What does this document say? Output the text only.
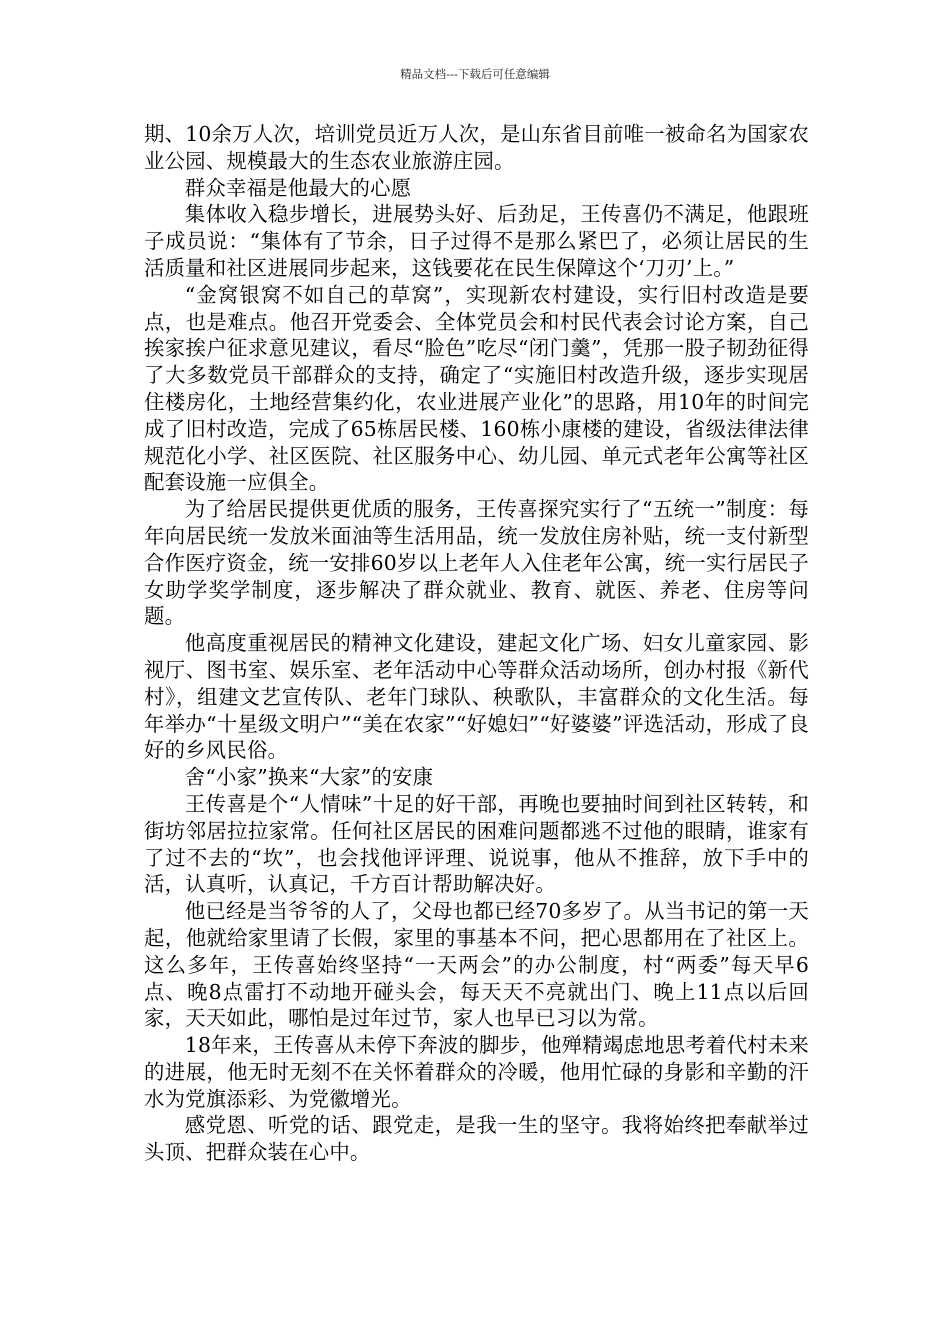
精品文档---下载后可任意编辑

期、10余万人次，培训党员近万人次，是山东省目前唯一被命名为国家农业公园、规模最大的生态农业旅游庄园。

群众幸福是他最大的心愿

集体收入稳步增长，进展势头好、后劲足，王传喜仍不满足，他跟班子成员说：“集体有了节余，日子过得不是那么紧巴了，必须让居民的生活质量和社区进展同步起来，这钱要花在民生保障这个‘刀刃’上。”

“金窝银窝不如自己的草窝”，实现新农村建设，实行旧村改造是要点，也是难点。他召开党委会、全体党员会和村民代表会讨论方案，自己挨家挨户征求意见建议，看尽“脸色”吃尽“闭门羹”，凭那一股子韧劲征得了大多数党员干部群众的支持，确定了“实施旧村改造升级，逐步实现居住楼房化，土地经营集约化，农业进展产业化”的思路，用10年的时间完成了旧村改造，完成了65栋居民楼、160栋小康楼的建设，省级法律法律规范化小学、社区医院、社区服务中心、幼儿园、单元式老年公寓等社区配套设施一应俱全。

为了给居民提供更优质的服务，王传喜探究实行了“五统一”制度：每年向居民统一发放米面油等生活用品，统一发放住房补贴，统一支付新型合作医疗资金，统一安排60岁以上老年人入住老年公寓，统一实行居民子女助学奖学制度，逐步解决了群众就业、教育、就医、养老、住房等问题。

他高度重视居民的精神文化建设，建起文化广场、妇女儿童家园、影视厅、图书室、娱乐室、老年活动中心等群众活动场所，创办村报《新代村》，组建文艺宣传队、老年门球队、秧歌队，丰富群众的文化生活。每年举办“十星级文明户”“美在农家”“好媳妇”“好婆婆”评选活动，形成了良好的乡风民俗。

舍“小家”换来“大家”的安康

王传喜是个“人情味”十足的好干部，再晚也要抽时间到社区转转，和街坊邻居拉拉家常。任何社区居民的困难问题都逃不过他的眼睛，谁家有了过不去的“坎”，也会找他评评理、说说事，他从不推辞，放下手中的活，认真听，认真记，千方百计帮助解决好。

他已经是当爷爷的人了，父母也都已经70多岁了。从当书记的第一天起，他就给家里请了长假，家里的事基本不问，把心思都用在了社区上。这么多年，王传喜始终坚持“一天两会”的办公制度，村“两委”每天早6点、晚8点雷打不动地开碰头会，每天天不亮就出门、晚上11点以后回家，天天如此，哪怕是过年过节，家人也早已习以为常。

18年来，王传喜从未停下奔波的脚步，他殚精竭虑地思考着代村未来的进展，他无时无刻不在关怀着群众的冷暖，他用忙碌的身影和辛勤的汗水为党旗添彩、为党徽增光。

感党恩、听党的话、跟党走，是我一生的坚守。我将始终把奉献举过头顶、把群众装在心中。
